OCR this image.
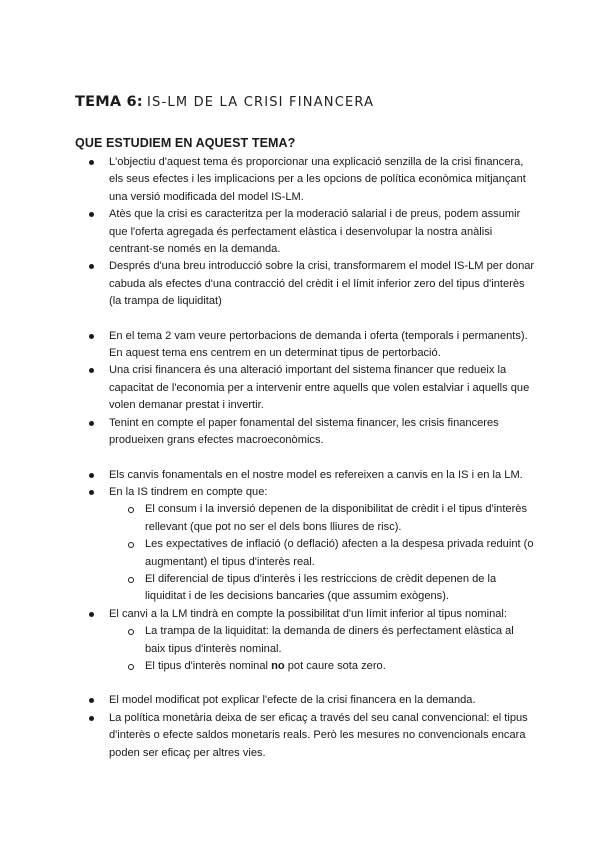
TEMA 6: IS-LM DE LA CRISI FINANCERA
QUE ESTUDIEM EN AQUEST TEMA?
L'objectiu d'aquest tema és proporcionar una explicació senzilla de la crisi financera, els seus efectes i les implicacions per a les opcions de política econòmica mitjançant una versió modificada del model IS-LM.
Atès que la crisi es caracteritza per la moderació salarial i de preus, podem assumir que l'oferta agregada és perfectament elàstica i desenvolupar la nostra anàlisi centrant-se només en la demanda.
Després d'una breu introducció sobre la crisi, transformarem el model IS-LM per donar cabuda als efectes d'una contracció del crèdit i el límit inferior zero del tipus d'interès (la trampa de liquiditat)
En el tema 2 vam veure pertorbacions de demanda i oferta (temporals i permanents). En aquest tema ens centrem en un determinat tipus de pertorbació.
Una crisi financera és una alteració important del sistema financer que redueix la capacitat de l'economia per a intervenir entre aquells que volen estalviar i aquells que volen demanar prestat i invertir.
Tenint en compte el paper fonamental del sistema financer, les crisis financeres produeixen grans efectes macroeconòmics.
Els canvis fonamentals en el nostre model es refereixen a canvis en la IS i en la LM.
En la IS tindrem en compte que:
El consum i la inversió depenen de la disponibilitat de crèdit i el tipus d'interès rellevant (que pot no ser el dels bons lliures de risc).
Les expectatives de inflació (o deflació) afecten a la despesa privada reduint (o augmentant) el tipus d'interès real.
El diferencial de tipus d'interès i les restriccions de crèdit depenen de la liquiditat i de les decisions bancaries (que assumim exògens).
El canvi a la LM tindrà en compte la possibilitat d'un límit inferior al tipus nominal:
La trampa de la liquiditat: la demanda de diners és perfectament elàstica al baix tipus d'interès nominal.
El tipus d'interès nominal no pot caure sota zero.
El model modificat pot explicar l'efecte de la crisi financera en la demanda.
La política monetària deixa de ser eficaç a través del seu canal convencional: el tipus d'interès o efecte saldos monetaris reals. Però les mesures no convencionals encara poden ser eficaç per altres vies.
